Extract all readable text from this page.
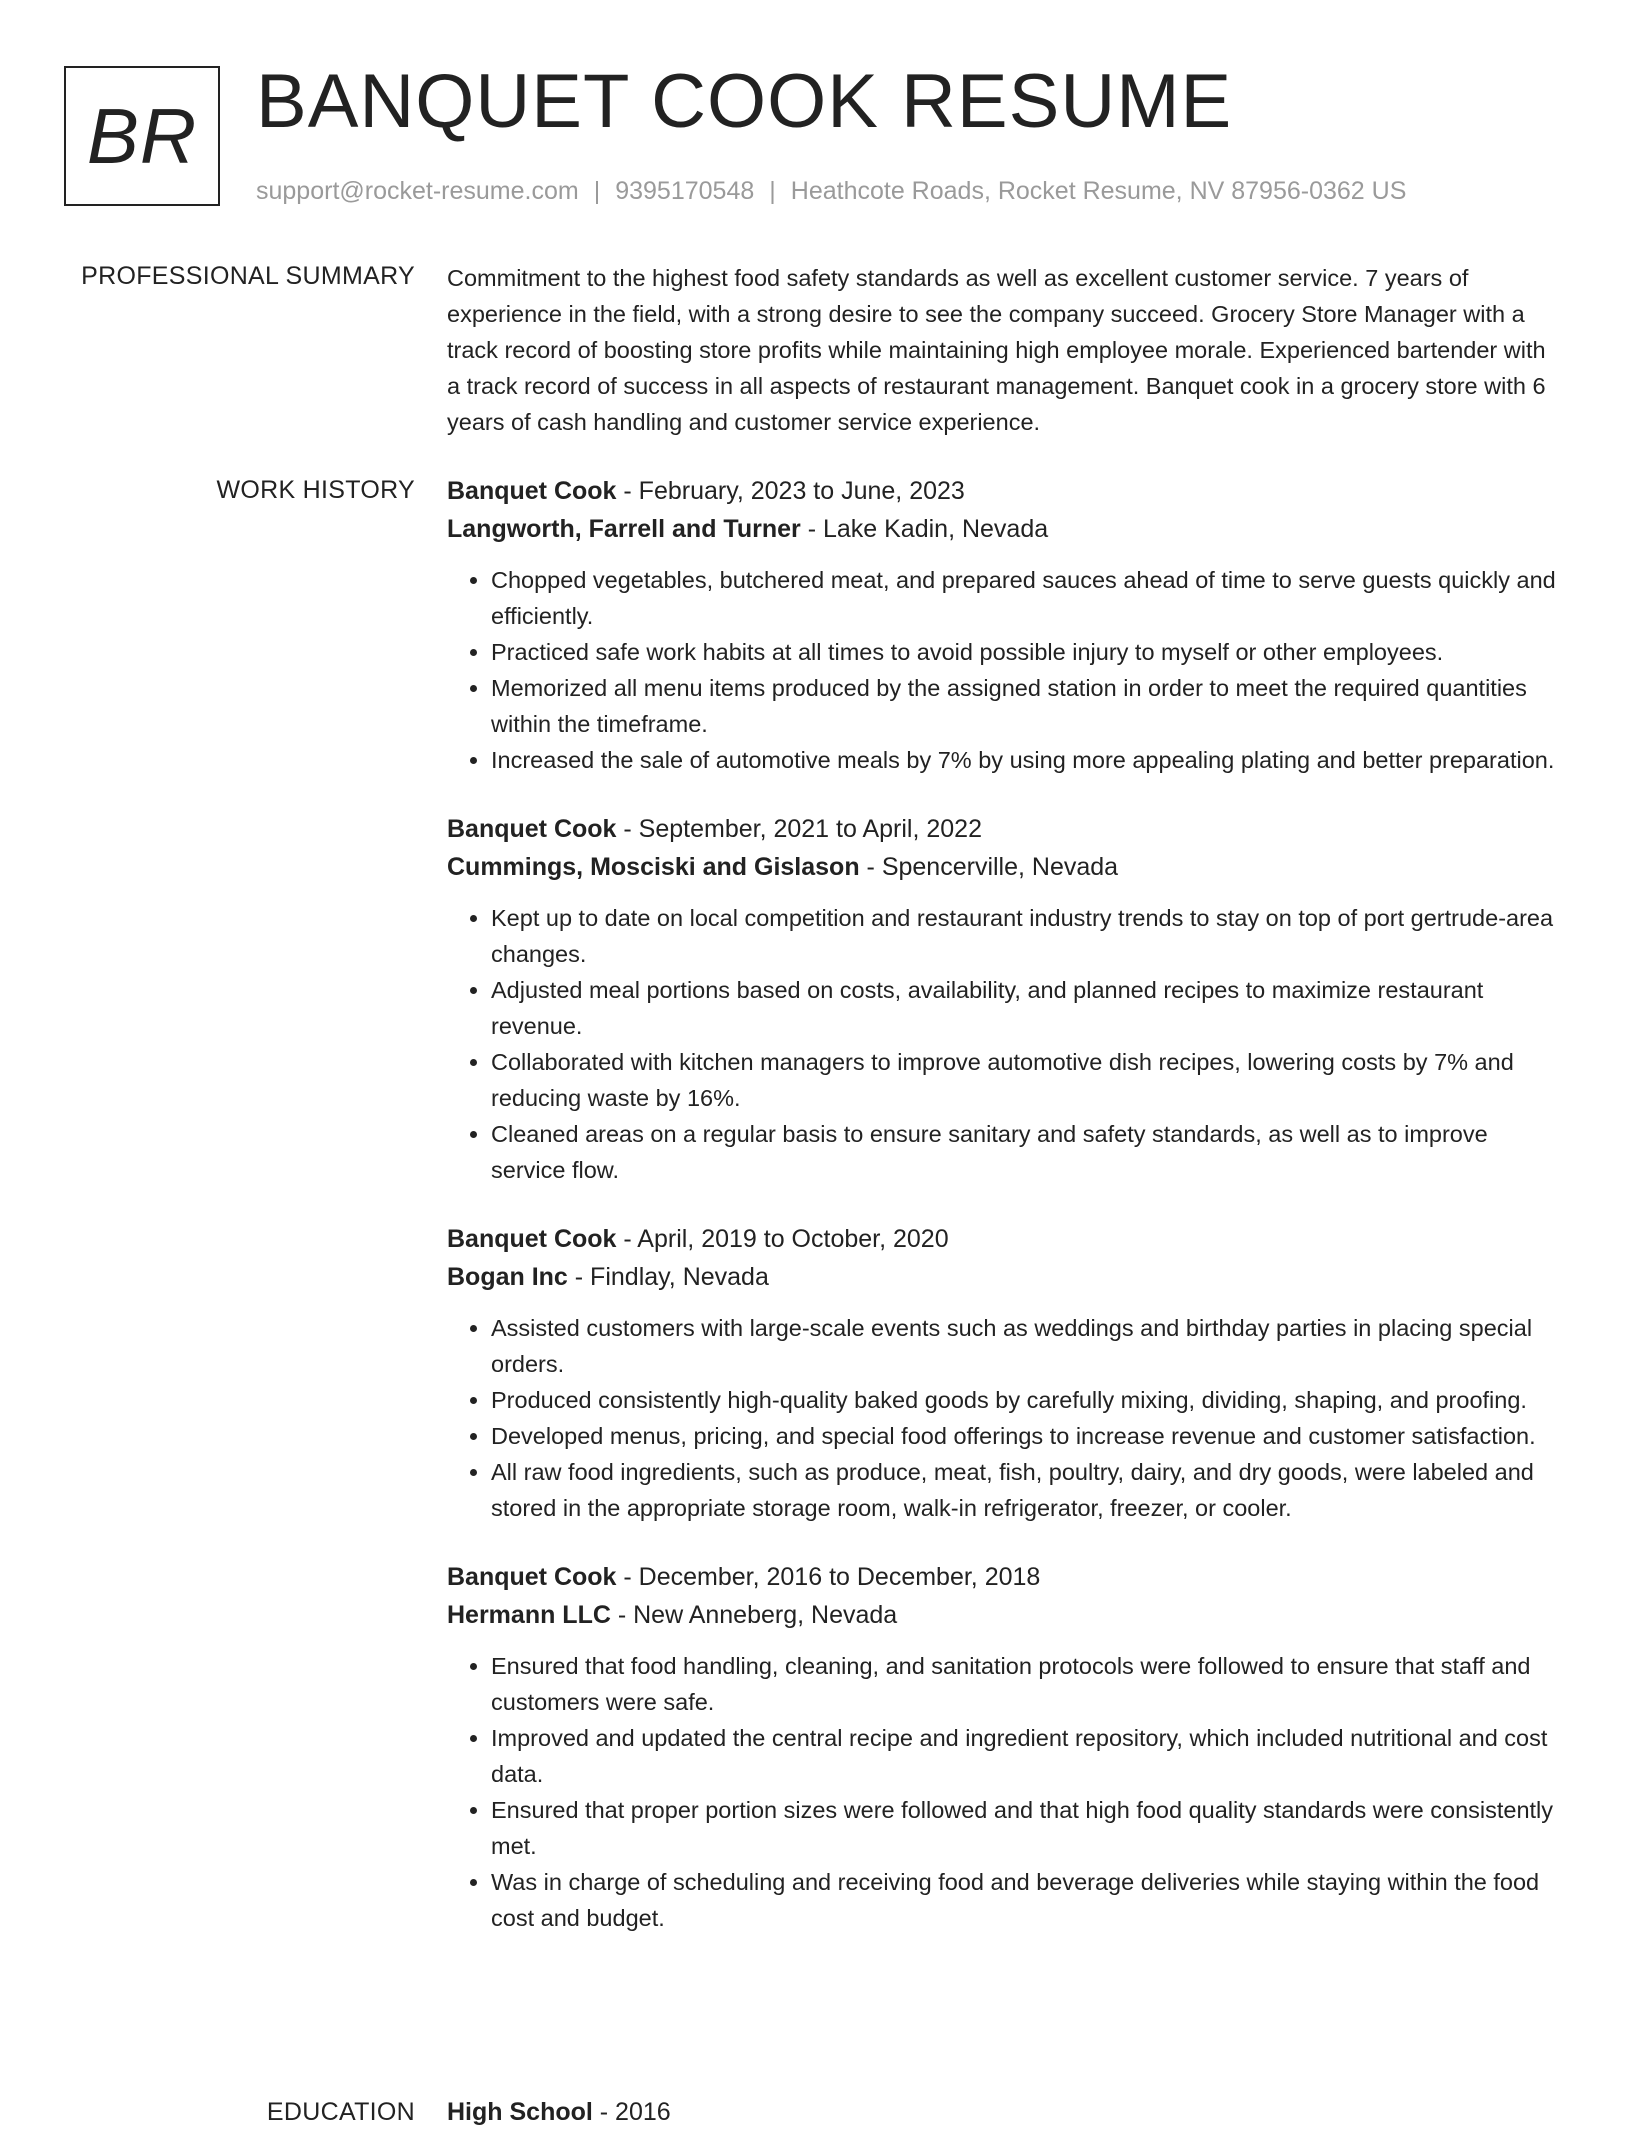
BR BANQUET COOK RESUME
support@rocket-resume.com | 9395170548 | Heathcote Roads, Rocket Resume, NV 87956-0362 US
PROFESSIONAL SUMMARY Commitment to the highest food safety standards as well as excellent customer service. 7 years of experience in the field, with a strong desire to see the company succeed. Grocery Store Manager with a track record of boosting store profits while maintaining high employee morale. Experienced bartender with a track record of success in all aspects of restaurant management. Banquet cook in a grocery store with 6 years of cash handling and customer service experience.

WORK HISTORY Banquet Cook - February, 2023 to June, 2023
Langworth, Farrell and Turner - Lake Kadin, Nevada
• Chopped vegetables, butchered meat, and prepared sauces ahead of time to serve guests quickly and efficiently.
• Practiced safe work habits at all times to avoid possible injury to myself or other employees.
• Memorized all menu items produced by the assigned station in order to meet the required quantities within the timeframe.
• Increased the sale of automotive meals by 7% by using more appealing plating and better preparation.
Banquet Cook - September, 2021 to April, 2022
Cummings, Mosciski and Gislason - Spencerville, Nevada
• Kept up to date on local competition and restaurant industry trends to stay on top of port gertrude-area changes.
• Adjusted meal portions based on costs, availability, and planned recipes to maximize restaurant revenue.
• Collaborated with kitchen managers to improve automotive dish recipes, lowering costs by 7% and reducing waste by 16%.
• Cleaned areas on a regular basis to ensure sanitary and safety standards, as well as to improve service flow.
Banquet Cook - April, 2019 to October, 2020
Bogan Inc - Findlay, Nevada
• Assisted customers with large-scale events such as weddings and birthday parties in placing special orders.
• Produced consistently high-quality baked goods by carefully mixing, dividing, shaping, and proofing.
• Developed menus, pricing, and special food offerings to increase revenue and customer satisfaction.
• All raw food ingredients, such as produce, meat, fish, poultry, dairy, and dry goods, were labeled and stored in the appropriate storage room, walk-in refrigerator, freezer, or cooler.
Banquet Cook - December, 2016 to December, 2018
Hermann LLC - New Anneberg, Nevada
• Ensured that food handling, cleaning, and sanitation protocols were followed to ensure that staff and customers were safe.
• Improved and updated the central recipe and ingredient repository, which included nutritional and cost data.
• Ensured that proper portion sizes were followed and that high food quality standards were consistently met.
• Was in charge of scheduling and receiving food and beverage deliveries while staying within the food cost and budget.
EDUCATION High School - 2016
